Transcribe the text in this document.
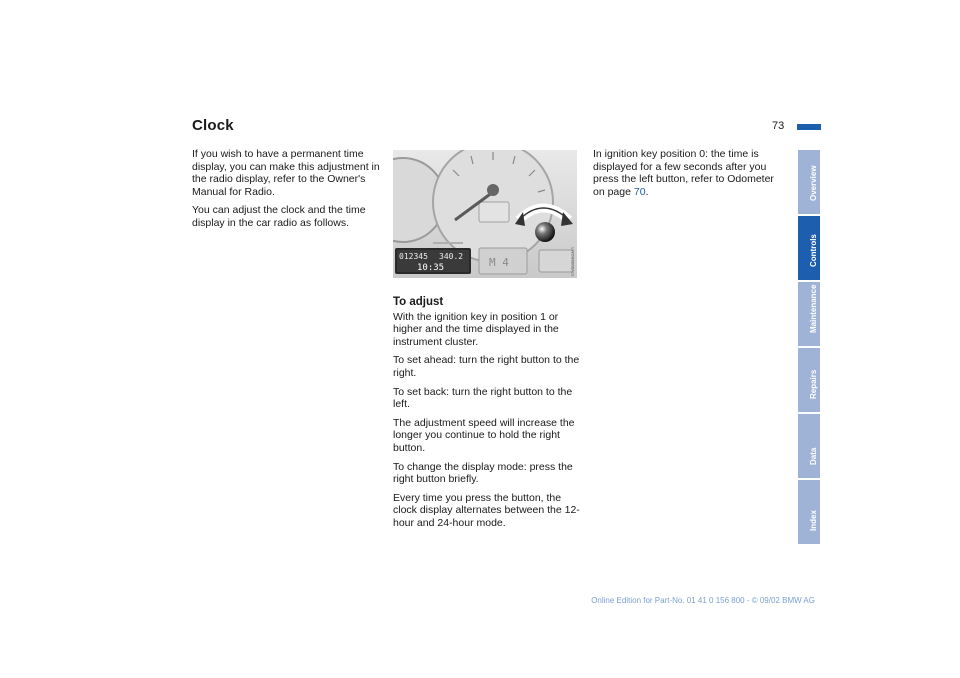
Clock	73

If you wish to have a permanent time display, you can make this adjustment in the radio display, refer to the Owner's Manual for Radio.

You can adjust the clock and the time display in the car radio as follows.

012345 340.2
10:35	M 4	MV00366CMA
To adjust

With the ignition key in position 1 or higher and the time displayed in the instrument cluster.

To set ahead: turn the right button to the right.

To set back: turn the right button to the left.

The adjustment speed will increase the longer you continue to hold the right button.

To change the display mode: press the right button briefly.

Every time you press the button, the clock display alternates between the 12-hour and 24-hour mode.

In ignition key position 0: the time is displayed for a few seconds after you press the left button, refer to Odometer on page 70.	Overview
Controls
Maintenance
Repairs
Data
Index
Online Edition for Part-No. 01 41 0 156 800 - © 09/02 BMW AG
